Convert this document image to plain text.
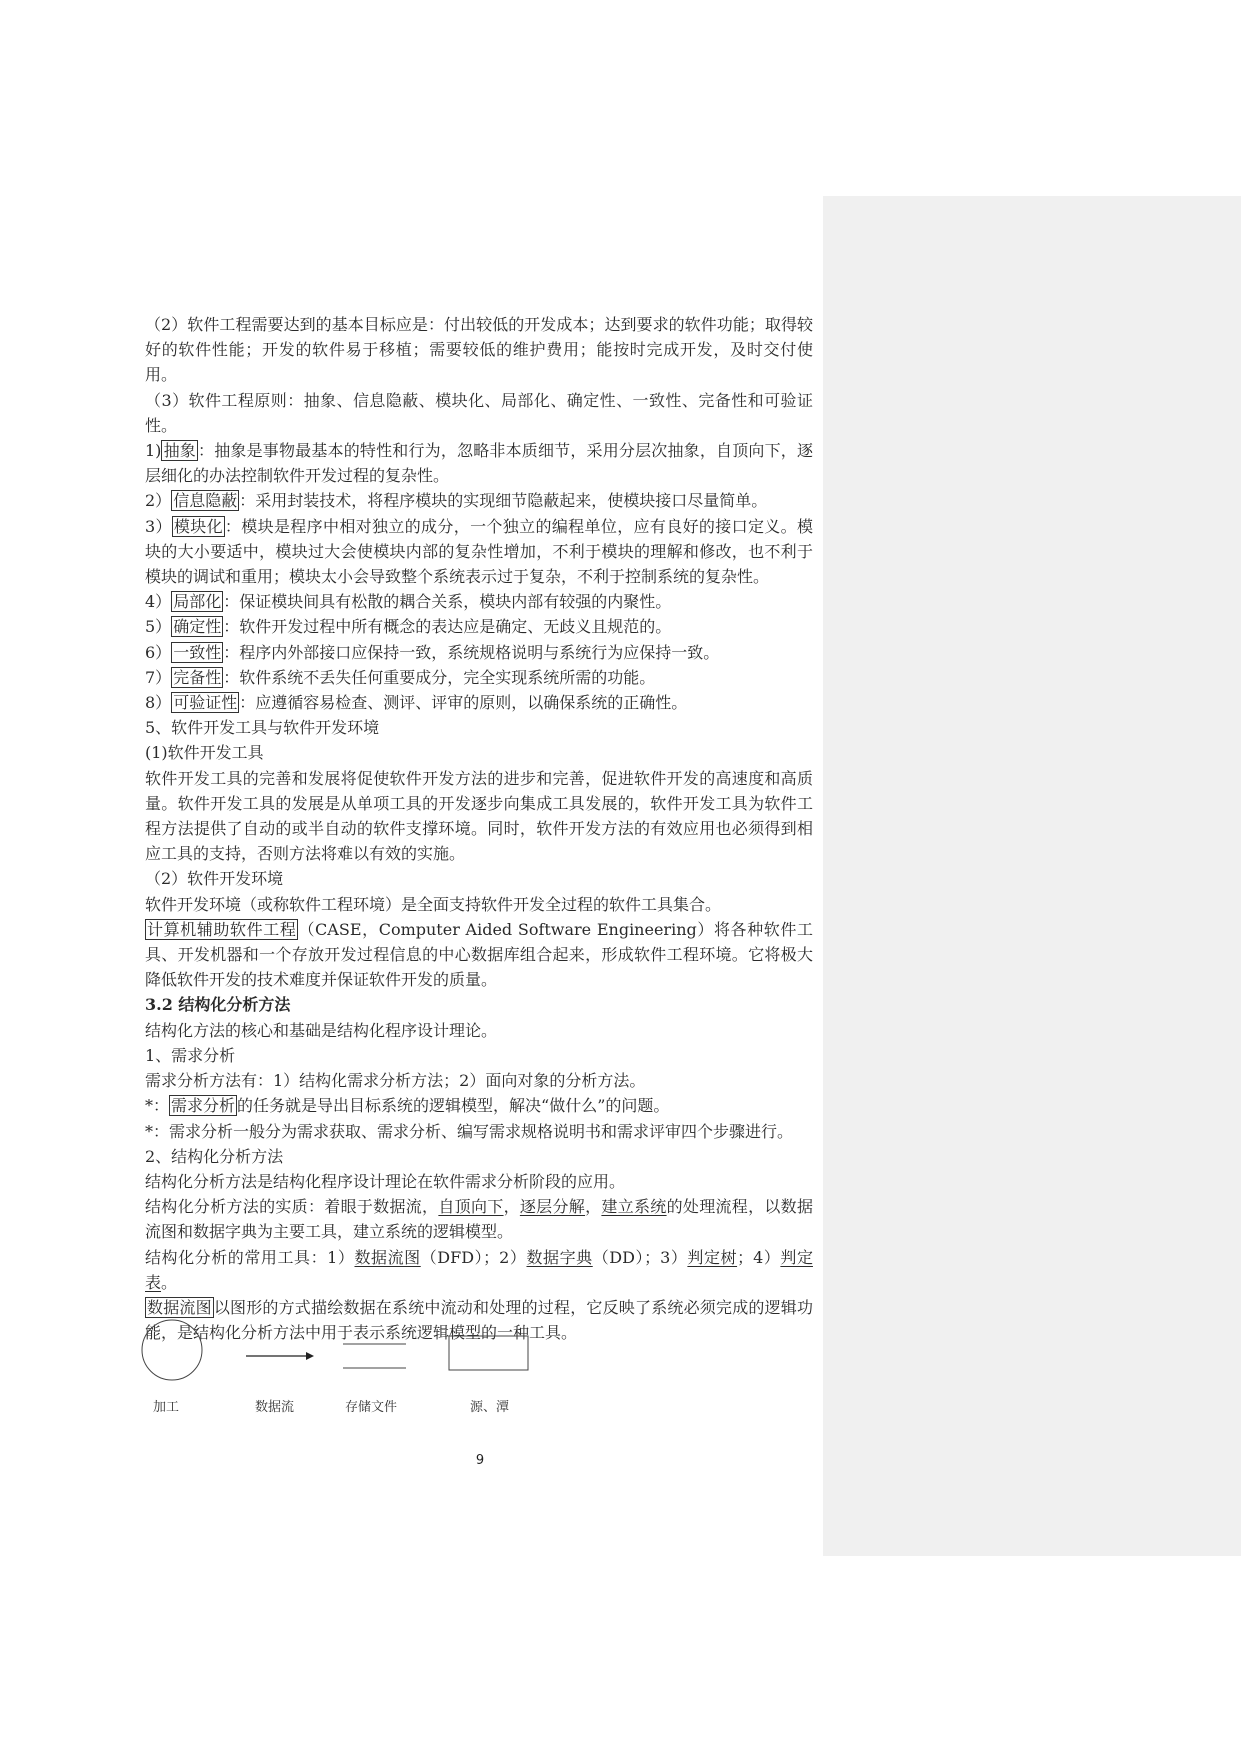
（2）软件工程需要达到的基本目标应是：付出较低的开发成本；达到要求的软件功能；取得较好的软件性能；开发的软件易于移植；需要较低的维护费用；能按时完成开发，及时交付使用。

（3）软件工程原则：抽象、信息隐蔽、模块化、局部化、确定性、一致性、完备性和可验证性。

1) 抽象 ：抽象是事物最基本的特性和行为，忽略非本质细节，采用分层次抽象，自顶向下，逐层细化的办法控制软件开发过程的复杂性。

2） 信息隐蔽 ：采用封装技术，将程序模块的实现细节隐蔽起来，使模块接口尽量简单。

3） 模块化 ：模块是程序中相对独立的成分，一个独立的编程单位，应有良好的接口定义。模块的大小要适中，模块过大会使模块内部的复杂性增加，不利于模块的理解和修改，也不利于模块的调试和重用；模块太小会导致整个系统表示过于复杂，不利于控制系统的复杂性。

4） 局部化 ：保证模块间具有松散的耦合关系，模块内部有较强的内聚性。

5） 确定性 ：软件开发过程中所有概念的表达应是确定、无歧义且规范的。

6） 一致性 ：程序内外部接口应保持一致，系统规格说明与系统行为应保持一致。

7） 完备性 ：软件系统不丢失任何重要成分，完全实现系统所需的功能。

8） 可验证性 ：应遵循容易检查、测评、评审的原则，以确保系统的正确性。

5、软件开发工具与软件开发环境

(1)软件开发工具

软件开发工具的完善和发展将促使软件开发方法的进步和完善，促进软件开发的高速度和高质量。软件开发工具的发展是从单项工具的开发逐步向集成工具发展的，软件开发工具为软件工程方法提供了自动的或半自动的软件支撑环境。同时，软件开发方法的有效应用也必须得到相应工具的支持，否则方法将难以有效的实施。

（2）软件开发环境

软件开发环境（或称软件工程环境）是全面支持软件开发全过程的软件工具集合。

计算机辅助软件工程 （CASE，Computer Aided Software Engineering）将各种软件工具、开发机器和一个存放开发过程信息的中心数据库组合起来，形成软件工程环境。它将极大降低软件开发的技术难度并保证软件开发的质量。

3.2 结构化分析方法

结构化方法的核心和基础是结构化程序设计理论。

1、需求分析

需求分析方法有：1）结构化需求分析方法；2）面向对象的分析方法。

*： 需求分析 的任务就是导出目标系统的逻辑模型，解决“做什么”的问题。

*：需求分析一般分为需求获取、需求分析、编写需求规格说明书和需求评审四个步骤进行。

2、结构化分析方法

结构化分析方法是结构化程序设计理论在软件需求分析阶段的应用。

结构化分析方法的实质：着眼于数据流，自顶向下，逐层分解，建立系统的处理流程，以数据流图和数据字典为主要工具，建立系统的逻辑模型。

结构化分析的常用工具：1）数据流图（DFD）；2）数据字典（DD）；3）判定树；4）判定表。

数据流图 以图形的方式描绘数据在系统中流动和处理的过程，它反映了系统必须完成的逻辑功能，是结构化分析方法中用于表示系统逻辑模型的一种工具。

加工	数据流	存储文件	源、潭
9
